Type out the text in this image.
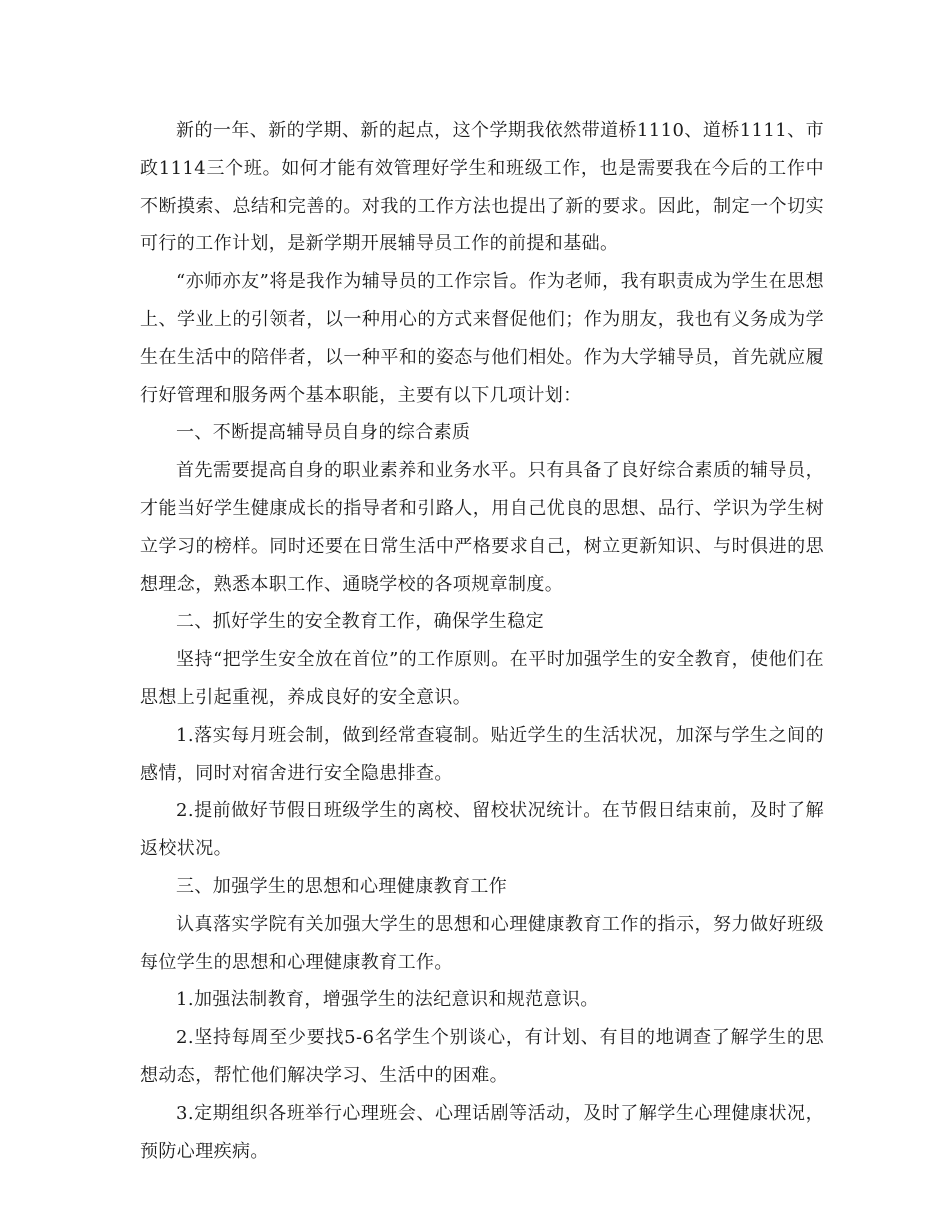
新的一年、新的学期、新的起点，这个学期我依然带道桥1110、道桥1111、市政1114三个班。如何才能有效管理好学生和班级工作，也是需要我在今后的工作中不断摸索、总结和完善的。对我的工作方法也提出了新的要求。因此，制定一个切实可行的工作计划，是新学期开展辅导员工作的前提和基础。

“亦师亦友”将是我作为辅导员的工作宗旨。作为老师，我有职责成为学生在思想上、学业上的引领者，以一种用心的方式来督促他们；作为朋友，我也有义务成为学生在生活中的陪伴者，以一种平和的姿态与他们相处。作为大学辅导员，首先就应履行好管理和服务两个基本职能，主要有以下几项计划：

一、不断提高辅导员自身的综合素质

首先需要提高自身的职业素养和业务水平。只有具备了良好综合素质的辅导员，才能当好学生健康成长的指导者和引路人，用自己优良的思想、品行、学识为学生树立学习的榜样。同时还要在日常生活中严格要求自己，树立更新知识、与时俱进的思想理念，熟悉本职工作、通晓学校的各项规章制度。

二、抓好学生的安全教育工作，确保学生稳定

坚持“把学生安全放在首位”的工作原则。在平时加强学生的安全教育，使他们在思想上引起重视，养成良好的安全意识。

1.落实每月班会制，做到经常查寝制。贴近学生的生活状况，加深与学生之间的感情，同时对宿舍进行安全隐患排查。

2.提前做好节假日班级学生的离校、留校状况统计。在节假日结束前，及时了解返校状况。

三、加强学生的思想和心理健康教育工作

认真落实学院有关加强大学生的思想和心理健康教育工作的指示，努力做好班级每位学生的思想和心理健康教育工作。

1.加强法制教育，增强学生的法纪意识和规范意识。

2.坚持每周至少要找5-6名学生个别谈心，有计划、有目的地调查了解学生的思想动态，帮忙他们解决学习、生活中的困难。

3.定期组织各班举行心理班会、心理话剧等活动，及时了解学生心理健康状况，预防心理疾病。
